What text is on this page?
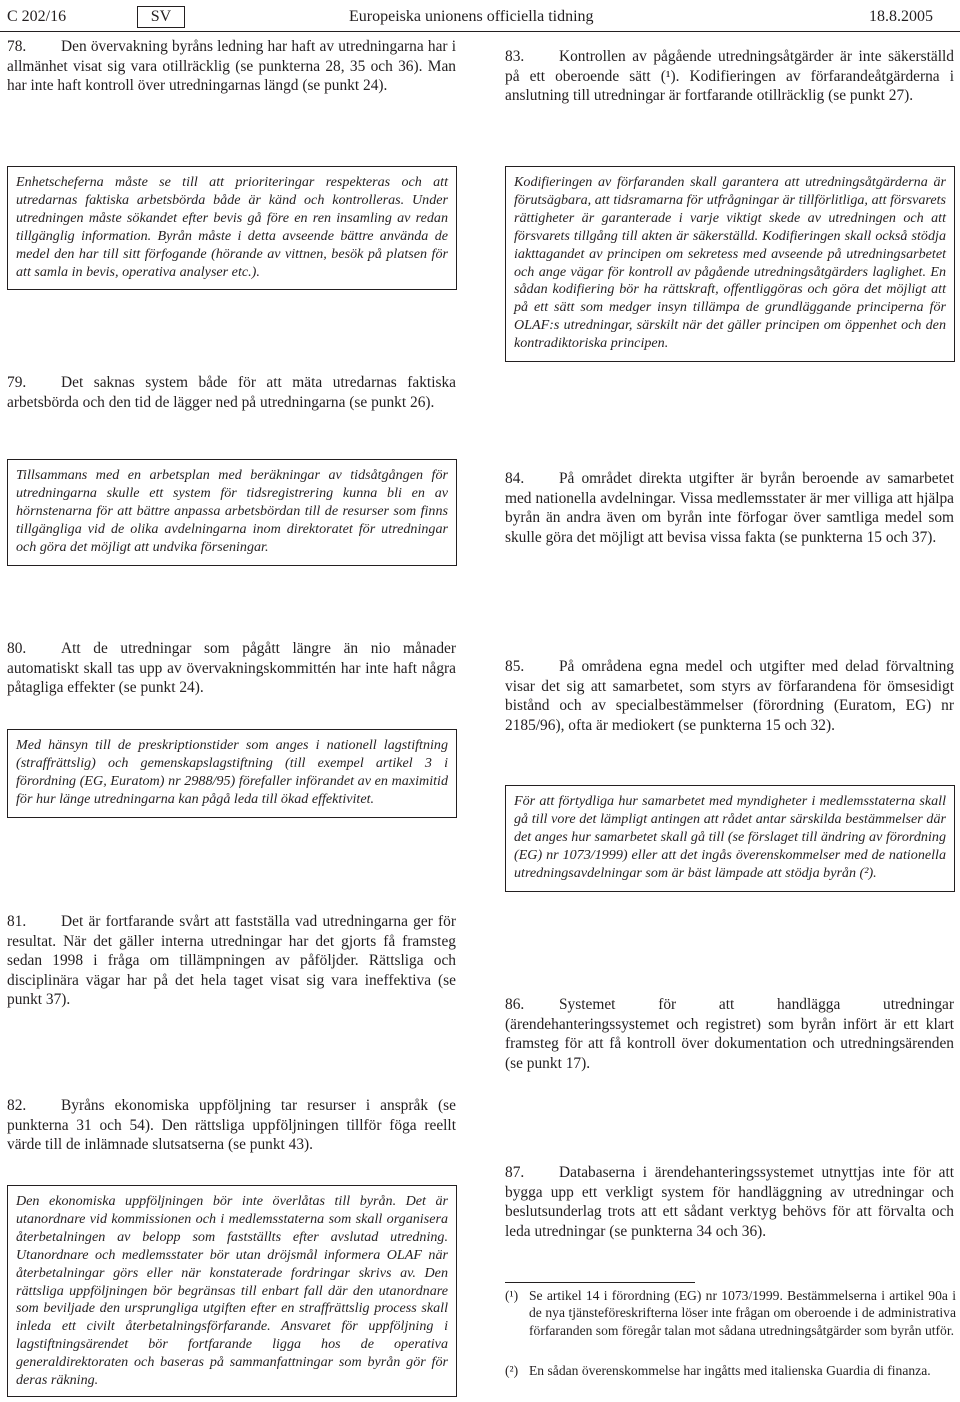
C 202/16	SV	Europeiska unionens officiella tidning	18.8.2005
78. Den övervakning byråns ledning har haft av utredningarna har i allmänhet visat sig vara otillräcklig (se punkterna 28, 35 och 36). Man har inte haft kontroll över utredningarnas längd (se punkt 24).
Enhetscheferna måste se till att prioriteringar respekteras och att utredarnas faktiska arbetsbörda både är känd och kontrolleras. Under utredningen måste sökandet efter bevis gå före en ren insamling av redan tillgänglig information. Byrån måste i detta avseende bättre använda de medel den har till sitt förfogande (hörande av vittnen, besök på platsen för att samla in bevis, operativa analyser etc.).
79. Det saknas system både för att mäta utredarnas faktiska arbetsbörda och den tid de lägger ned på utredningarna (se punkt 26).
Tillsammans med en arbetsplan med beräkningar av tidsåtgången för utredningarna skulle ett system för tidsregistrering kunna bli en av hörnstenarna för att bättre anpassa arbetsbördan till de resurser som finns tillgängliga vid de olika avdelningarna inom direktoratet för utredningar och göra det möjligt att undvika förseningar.
80. Att de utredningar som pågått längre än nio månader automatiskt skall tas upp av övervakningskommittén har inte haft några påtagliga effekter (se punkt 24).
Med hänsyn till de preskriptionstider som anges i nationell lagstiftning (straffrättslig) och gemenskapslagstiftning (till exempel artikel 3 i förordning (EG, Euratom) nr 2988/95) förefaller införandet av en maximitid för hur länge utredningarna kan pågå leda till ökad effektivitet.
81. Det är fortfarande svårt att fastställa vad utredningarna ger för resultat. När det gäller interna utredningar har det gjorts få framsteg sedan 1998 i fråga om tillämpningen av påföljder. Rättsliga och disciplinära vägar har på det hela taget visat sig vara ineffektiva (se punkt 37).
82. Byråns ekonomiska uppföljning tar resurser i anspråk (se punkterna 31 och 54). Den rättsliga uppföljningen tillför föga reellt värde till de inlämnade slutsatserna (se punkt 43).
Den ekonomiska uppföljningen bör inte överlåtas till byrån. Det är utanordnare vid kommissionen och i medlemsstaterna som skall organisera återbetalningen av belopp som fastställts efter avslutad utredning. Utanordnare och medlemsstater bör utan dröjsmål informera OLAF när återbetalningar görs eller när konstaterade fordringar skrivs av. Den rättsliga uppföljningen bör begränsas till enbart fall där den utanordnare som beviljade den ursprungliga utgiften efter en straffrättslig process skall inleda ett civilt återbetalningsförfarande. Ansvaret för uppföljning i lagstiftningsärendet bör fortfarande ligga hos de operativa generaldirektoraten och baseras på sammanfattningar som byrån gör för deras räkning.
83. Kontrollen av pågående utredningsåtgärder är inte säkerställd på ett oberoende sätt (¹). Kodifieringen av förfarandeåtgärderna i anslutning till utredningar är fortfarande otillräcklig (se punkt 27).
Kodifieringen av förfaranden skall garantera att utredningsåtgärderna är förutsägbara, att tidsramarna för utfrågningar är tillförlitliga, att försvarets rättigheter är garanterade i varje viktigt skede av utredningen och att försvarets tillgång till akten är säkerställd. Kodifieringen skall också stödja iakttagandet av principen om sekretess med avseende på utredningsarbetet och ange vägar för kontroll av pågående utredningsåtgärders laglighet. En sådan kodifiering bör ha rättskraft, offentliggöras och göra det möjligt att på ett sätt som medger insyn tillämpa de grundläggande principerna för OLAF:s utredningar, särskilt när det gäller principen om öppenhet och den kontradiktoriska principen.
84. På området direkta utgifter är byrån beroende av samarbetet med nationella avdelningar. Vissa medlemsstater är mer villiga att hjälpa byrån än andra även om byrån inte förfogar över samtliga medel som skulle göra det möjligt att bevisa vissa fakta (se punkterna 15 och 37).
85. På områdena egna medel och utgifter med delad förvaltning visar det sig att samarbetet, som styrs av förfarandena för ömsesidigt bistånd och av specialbestämmelser (förordning (Euratom, EG) nr 2185/96), ofta är mediokert (se punkterna 15 och 32).
För att förtydliga hur samarbetet med myndigheter i medlemsstaterna skall gå till vore det lämpligt antingen att rådet antar särskilda bestämmelser där det anges hur samarbetet skall gå till (se förslaget till ändring av förordning (EG) nr 1073/1999) eller att det ingås överenskommelser med de nationella utredningsavdelningar som är bäst lämpade att stödja byrån (²).
86. Systemet för att handlägga utredningar (ärendehanteringssystemet och registret) som byrån infört är ett klart framsteg för att få kontroll över dokumentation och utredningsärenden (se punkt 17).
87. Databaserna i ärendehanteringssystemet utnyttjas inte för att bygga upp ett verkligt system för handläggning av utredningar och beslutsunderlag trots att ett sådant verktyg behövs för att förvalta och leda utredningar (se punkterna 34 och 36).
(¹) Se artikel 14 i förordning (EG) nr 1073/1999. Bestämmelserna i artikel 90a i de nya tjänsteföreskrifterna löser inte frågan om oberoende i de administrativa förfaranden som föregår talan mot sådana utredningsåtgärder som byrån utför.
(²) En sådan överenskommelse har ingåtts med italienska Guardia di finanza.
